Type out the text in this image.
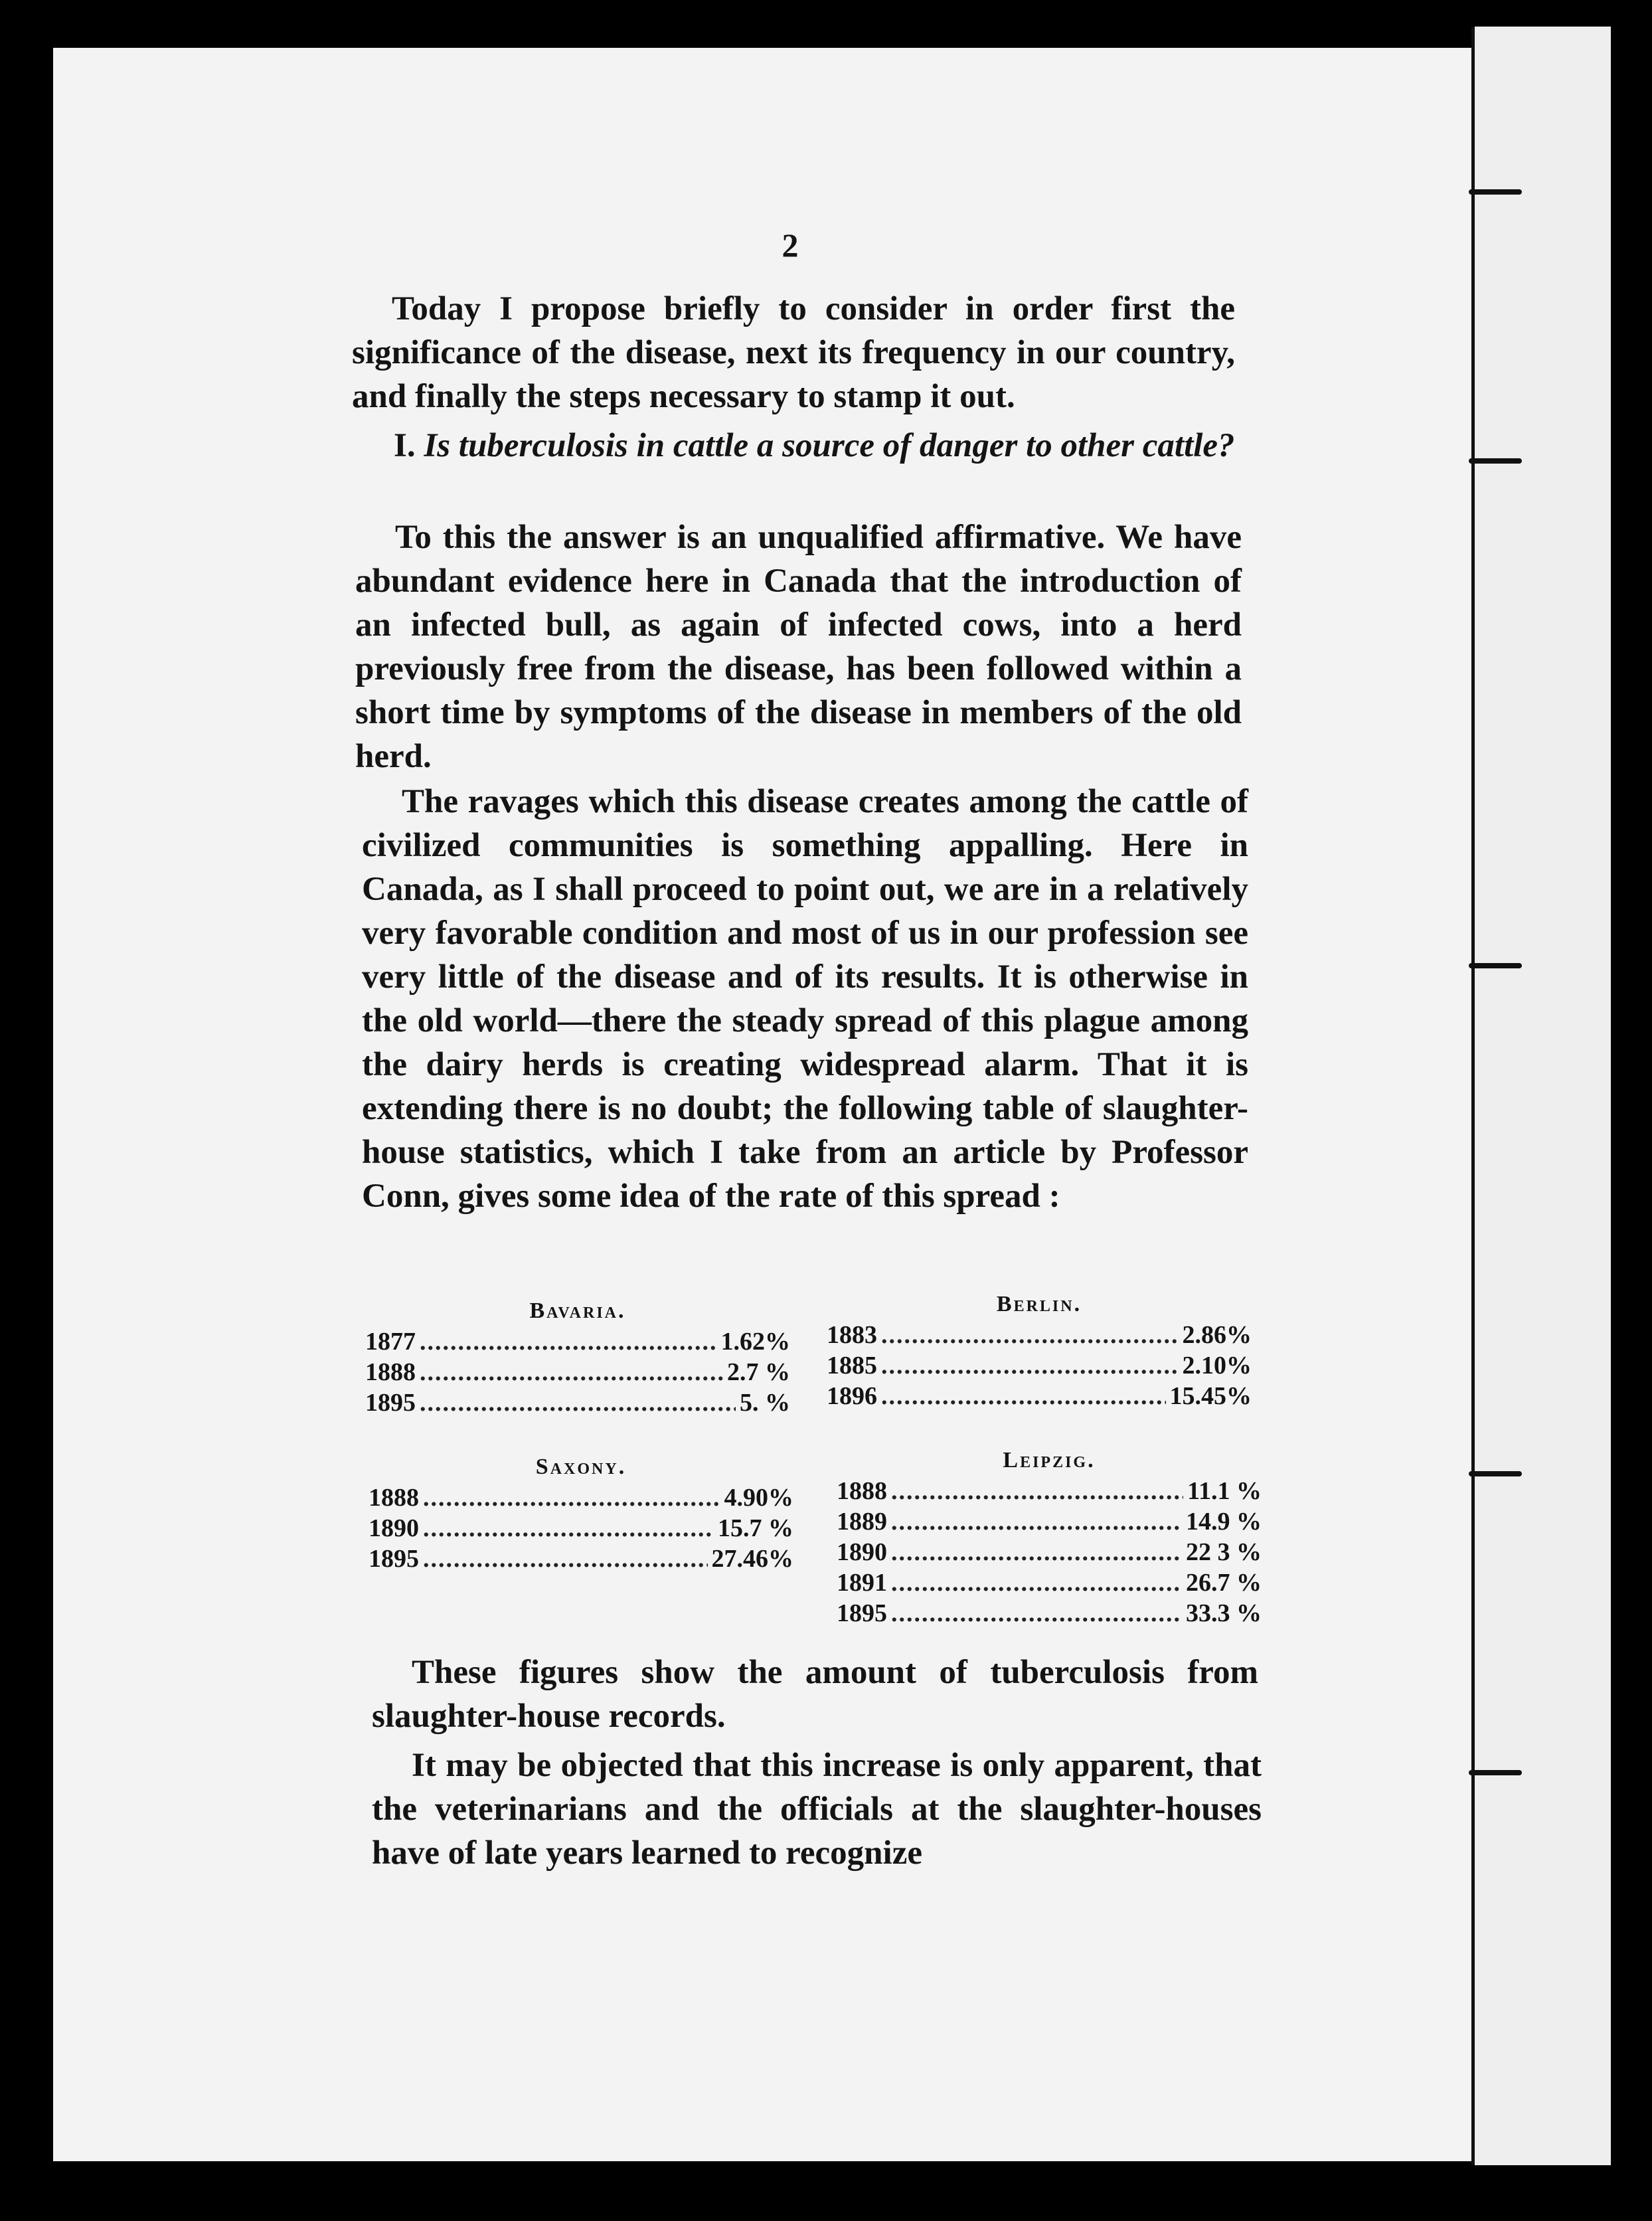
2

Today I propose briefly to consider in order first the significance of the disease, next its frequency in our country, and finally the steps necessary to stamp it out.

I. Is tuberculosis in cattle a source of danger to other cattle?

To this the answer is an unqualified affirmative. We have abundant evidence here in Canada that the introduction of an infected bull, as again of infected cows, into a herd previously free from the disease, has been followed within a short time by symptoms of the disease in members of the old herd.

The ravages which this disease creates among the cattle of civilized communities is something appalling. Here in Canada, as I shall proceed to point out, we are in a relatively very favorable condition and most of us in our profession see very little of the disease and of its results. It is otherwise in the old world—there the steady spread of this plague among the dairy herds is creating widespread alarm. That it is extending there is no doubt; the following table of slaughter-house statistics, which I take from an article by Professor Conn, gives some idea of the rate of this spread :

Bavaria.
1877 .....	1.62%
1888 .....	2.7 %
1895 .....	5. %
Berlin.
1883 .....	2.86%
1885 .....	2.10%
1896 .....	15.45%
Saxony.
1888 .....	4.90%
1890 .....	15.7 %
1895 .....	27.46%
Leipzig.
1888 .....	11.1 %
1889 .....	14.9 %
1890 .....	22 3 %
1891 .....	26.7 %
1895 .....	33.3 %

These figures show the amount of tuberculosis from slaughter-house records.

It may be objected that this increase is only apparent, that the veterinarians and the officials at the slaughter-houses have of late years learned to recognize
